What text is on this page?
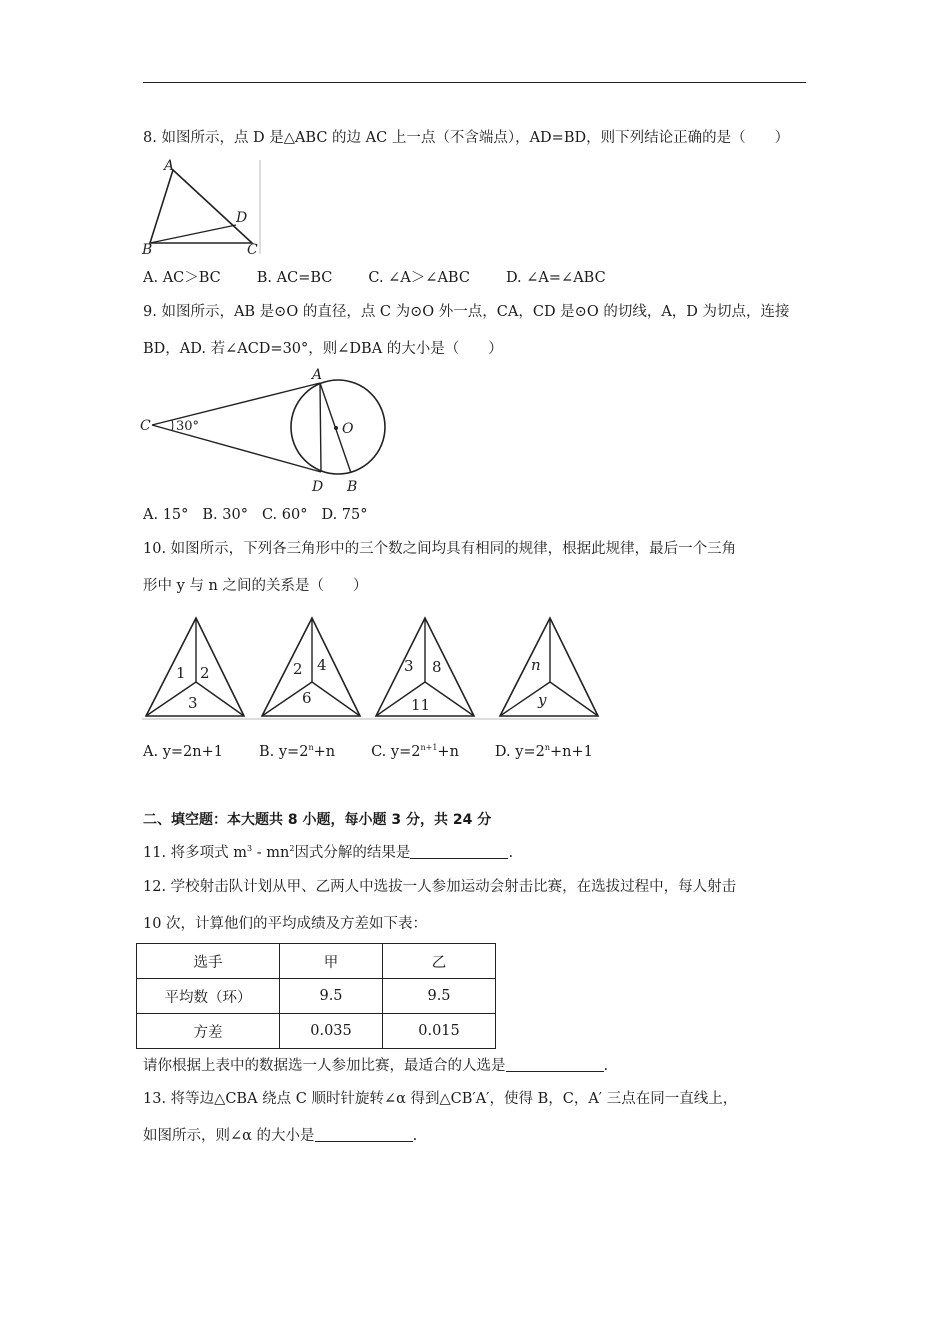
8. 如图所示，点 D 是△ABC 的边 AC 上一点（不含端点），AD=BD，则下列结论正确的是（　　）
A
B	C
D
A. AC＞BC B. AC=BC C. ∠A＞∠ABC D. ∠A=∠ABC
9. 如图所示，AB 是⊙O 的直径，点 C 为⊙O 外一点，CA，CD 是⊙O 的切线，A，D 为切点，连接
BD，AD. 若∠ACD=30°，则∠DBA 的大小是（　　）
A
C 30°	O
D B
A. 15° B. 30° C. 60° D. 75°
10. 如图所示，下列各三角形中的三个数之间均具有相同的规律，根据此规律，最后一个三角
形中 y 与 n 之间的关系是（　　）
1 2
3
2 4
6
3 8
11
n
y
A. y=2n+1 B. $y=2^n+n$ C. $y=2^{n+1}+n$ D. $y=2^n+n+1$
二、填空题：本大题共 8 小题，每小题 3 分，共 24 分
11. 将多项式 $m^3 - mn^2$因式分解的结果是	.
12. 学校射击队计划从甲、乙两人中选拔一人参加运动会射击比赛，在选拔过程中，每人射击
10 次，计算他们的平均成绩及方差如下表：
选手	甲	乙
平均数（环）	9.5	9.5
方差	0.035	0.015
请你根据上表中的数据选一人参加比赛，最适合的人选是	.
13. 将等边△CBA 绕点 C 顺时针旋转∠α 得到△CB′A′，使得 B，C，A′ 三点在同一直线上，
如图所示，则∠α 的大小是	.
